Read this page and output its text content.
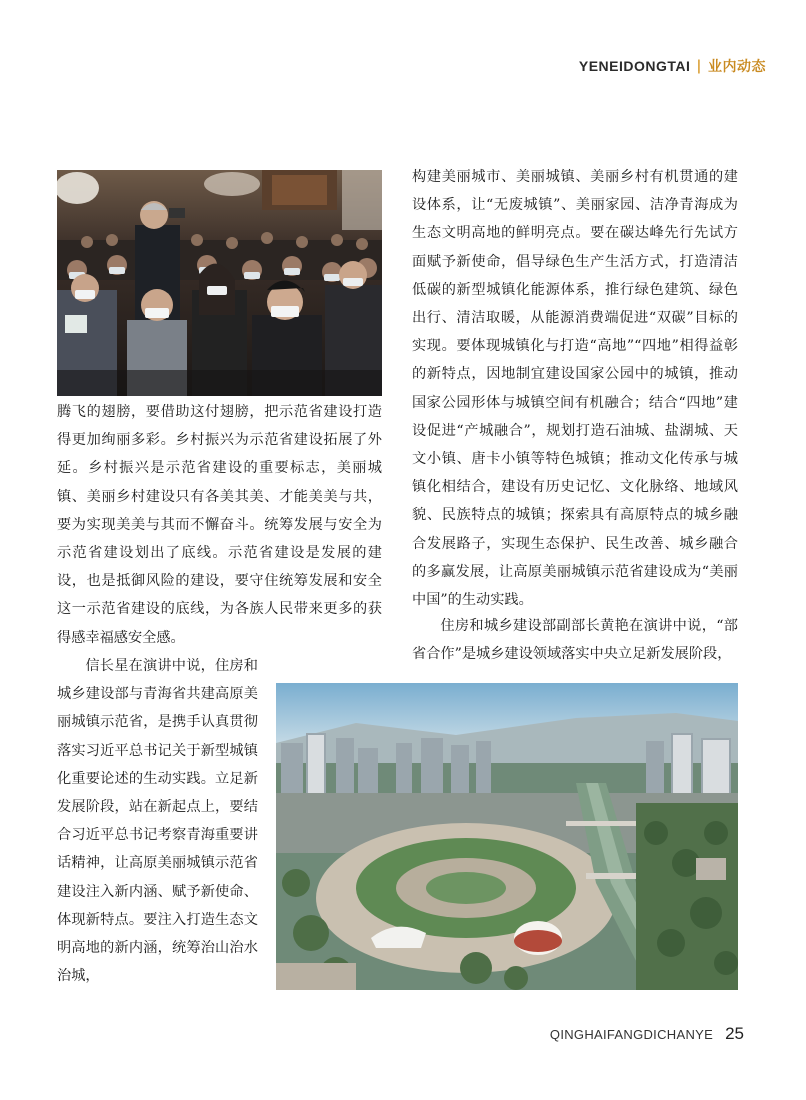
YENEIDONGTAI | 业内动态

腾飞的翅膀，要借助这付翅膀，把示范省建设打造得更加绚丽多彩。乡村振兴为示范省建设拓展了外延。乡村振兴是示范省建设的重要标志，美丽城镇、美丽乡村建设只有各美其美、才能美美与共，要为实现美美与其而不懈奋斗。统筹发展与安全为示范省建设划出了底线。示范省建设是发展的建设，也是抵御风险的建设，要守住统筹发展和安全这一示范省建设的底线，为各族人民带来更多的获得感幸福感安全感。

信长星在演讲中说，住房和城乡建设部与青海省共建高原美丽城镇示范省，是携手认真贯彻落实习近平总书记关于新型城镇化重要论述的生动实践。立足新发展阶段，站在新起点上，要结合习近平总书记考察青海重要讲话精神，让高原美丽城镇示范省建设注入新内涵、赋予新使命、体现新特点。要注入打造生态文明高地的新内涵，统筹治山治水治城，

构建美丽城市、美丽城镇、美丽乡村有机贯通的建设体系，让“无废城镇”、美丽家园、洁净青海成为生态文明高地的鲜明亮点。要在碳达峰先行先试方面赋予新使命，倡导绿色生产生活方式，打造清洁低碳的新型城镇化能源体系，推行绿色建筑、绿色出行、清洁取暖，从能源消费端促进“双碳”目标的实现。要体现城镇化与打造“高地”“四地”相得益彰的新特点，因地制宜建设国家公园中的城镇，推动国家公园形体与城镇空间有机融合；结合“四地”建设促进“产城融合”，规划打造石油城、盐湖城、天文小镇、唐卡小镇等特色城镇；推动文化传承与城镇化相结合，建设有历史记忆、文化脉络、地域风貌、民族特点的城镇；探索具有高原特点的城乡融合发展路子，实现生态保护、民生改善、城乡融合的多赢发展，让高原美丽城镇示范省建设成为“美丽中国”的生动实践。

住房和城乡建设部副部长黄艳在演讲中说，“部省合作”是城乡建设领域落实中央立足新发展阶段，

QINGHAIFANGDICHANYE 25
